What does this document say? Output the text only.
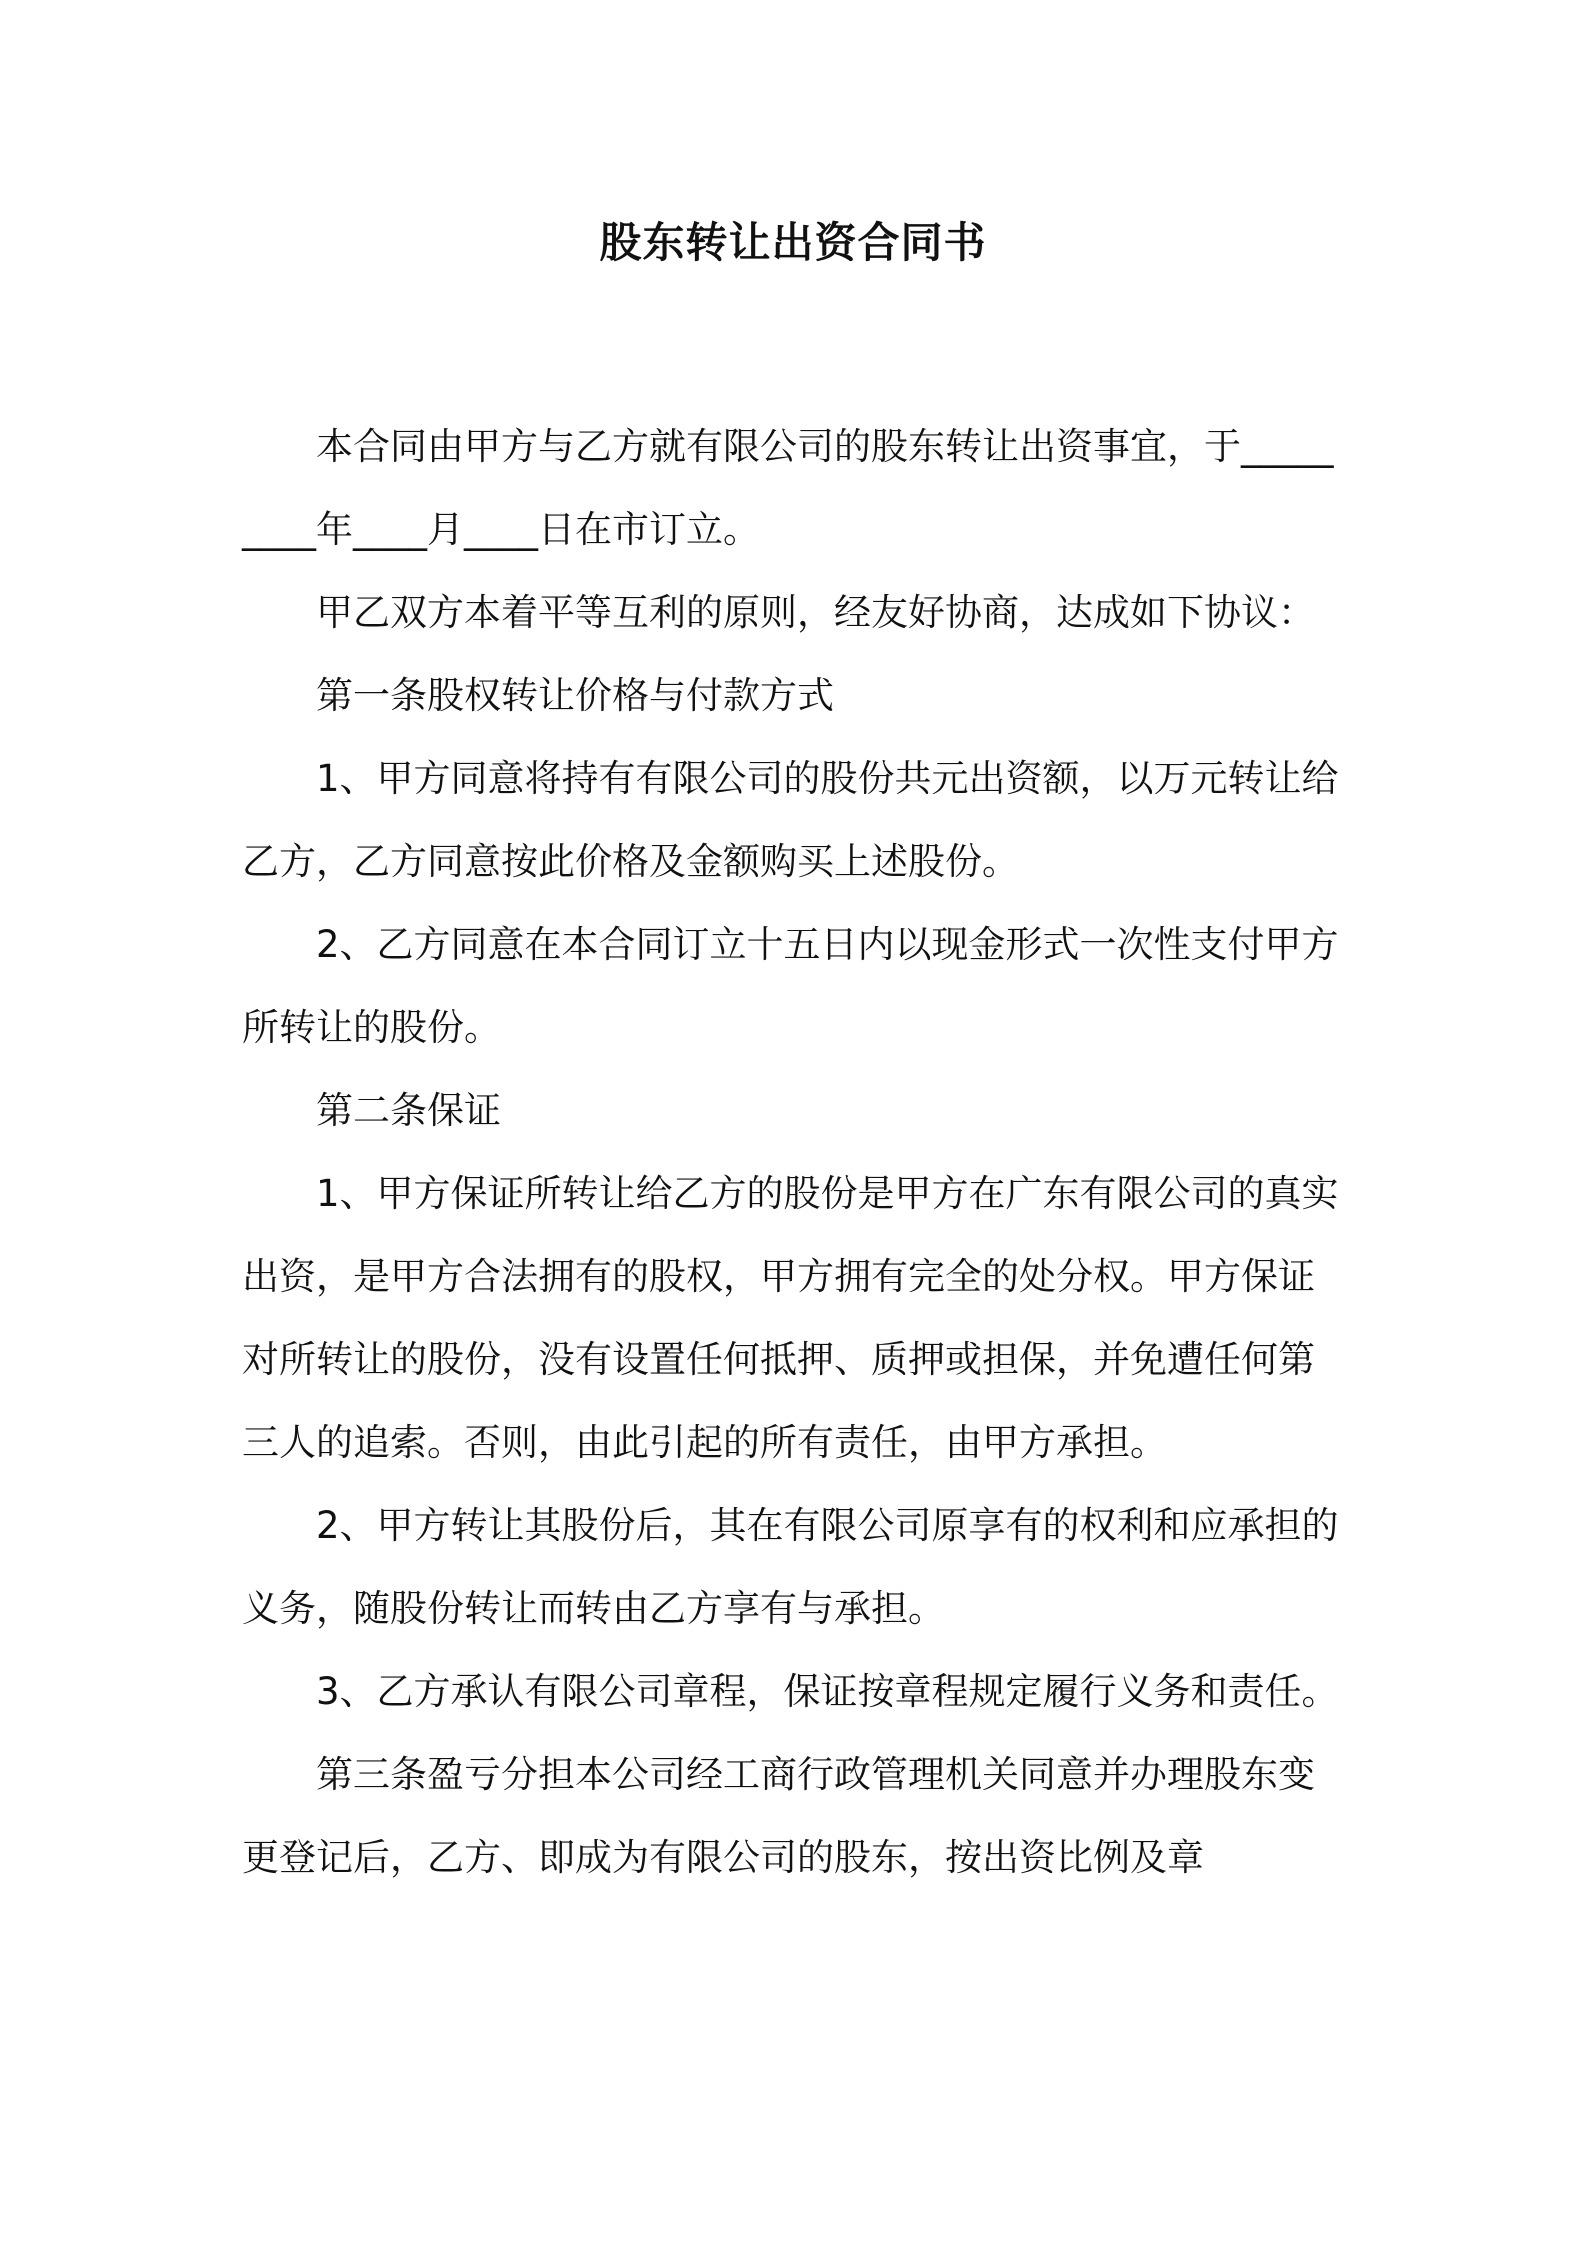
股东转让出资合同书

本合同由甲方与乙方就有限公司的股东转让出资事宜，于_________年____月____日在市订立。

甲乙双方本着平等互利的原则，经友好协商，达成如下协议：

第一条股权转让价格与付款方式

1、甲方同意将持有有限公司的股份共元出资额，以万元转让给乙方，乙方同意按此价格及金额购买上述股份。

2、乙方同意在本合同订立十五日内以现金形式一次性支付甲方所转让的股份。

第二条保证

1、甲方保证所转让给乙方的股份是甲方在广东有限公司的真实出资，是甲方合法拥有的股权，甲方拥有完全的处分权。甲方保证对所转让的股份，没有设置任何抵押、质押或担保，并免遭任何第三人的追索。否则，由此引起的所有责任，由甲方承担。

2、甲方转让其股份后，其在有限公司原享有的权利和应承担的义务，随股份转让而转由乙方享有与承担。

3、乙方承认有限公司章程，保证按章程规定履行义务和责任。

第三条盈亏分担本公司经工商行政管理机关同意并办理股东变更登记后，乙方、即成为有限公司的股东，按出资比例及章
